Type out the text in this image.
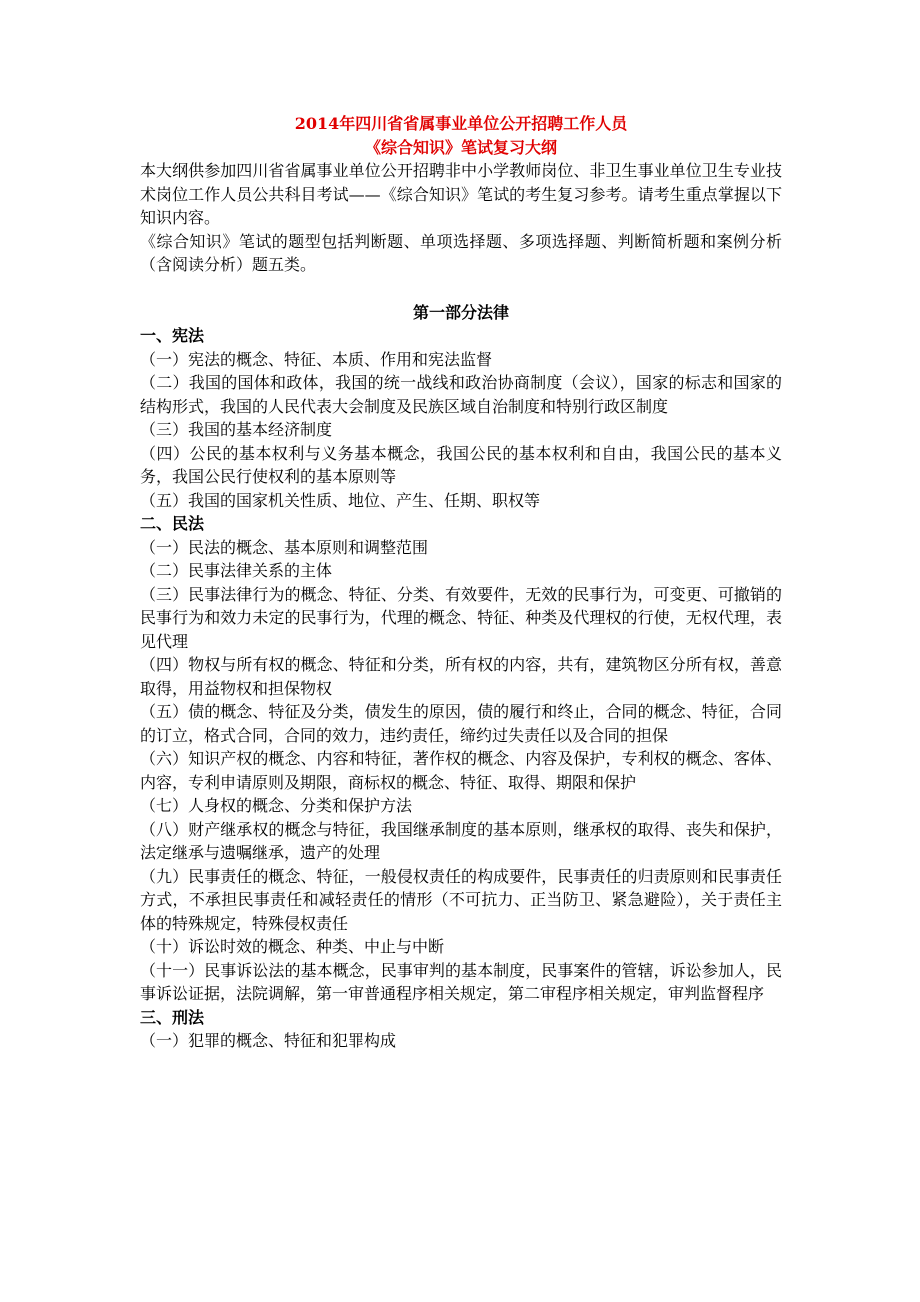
2014年四川省省属事业单位公开招聘工作人员

《综合知识》笔试复习大纲

本大纲供参加四川省省属事业单位公开招聘非中小学教师岗位、非卫生事业单位卫生专业技术岗位工作人员公共科目考试——《综合知识》笔试的考生复习参考。请考生重点掌握以下知识内容。

《综合知识》笔试的题型包括判断题、单项选择题、多项选择题、判断简析题和案例分析（含阅读分析）题五类。

第一部分法律

一、宪法

（一）宪法的概念、特征、本质、作用和宪法监督

（二）我国的国体和政体，我国的统一战线和政治协商制度（会议），国家的标志和国家的结构形式，我国的人民代表大会制度及民族区域自治制度和特别行政区制度

（三）我国的基本经济制度

（四）公民的基本权利与义务基本概念，我国公民的基本权利和自由，我国公民的基本义务，我国公民行使权利的基本原则等

（五）我国的国家机关性质、地位、产生、任期、职权等

二、民法

（一）民法的概念、基本原则和调整范围

（二）民事法律关系的主体

（三）民事法律行为的概念、特征、分类、有效要件，无效的民事行为，可变更、可撤销的民事行为和效力未定的民事行为，代理的概念、特征、种类及代理权的行使，无权代理，表见代理

（四）物权与所有权的概念、特征和分类，所有权的内容，共有，建筑物区分所有权，善意取得，用益物权和担保物权

（五）债的概念、特征及分类，债发生的原因，债的履行和终止，合同的概念、特征，合同的订立，格式合同，合同的效力，违约责任，缔约过失责任以及合同的担保

（六）知识产权的概念、内容和特征，著作权的概念、内容及保护，专利权的概念、客体、内容，专利申请原则及期限，商标权的概念、特征、取得、期限和保护

（七）人身权的概念、分类和保护方法

（八）财产继承权的概念与特征，我国继承制度的基本原则，继承权的取得、丧失和保护，法定继承与遗嘱继承，遗产的处理

（九）民事责任的概念、特征，一般侵权责任的构成要件，民事责任的归责原则和民事责任方式，不承担民事责任和减轻责任的情形（不可抗力、正当防卫、紧急避险），关于责任主体的特殊规定，特殊侵权责任

（十）诉讼时效的概念、种类、中止与中断

（十一）民事诉讼法的基本概念，民事审判的基本制度，民事案件的管辖，诉讼参加人，民事诉讼证据，法院调解，第一审普通程序相关规定，第二审程序相关规定，审判监督程序

三、刑法

（一）犯罪的概念、特征和犯罪构成
